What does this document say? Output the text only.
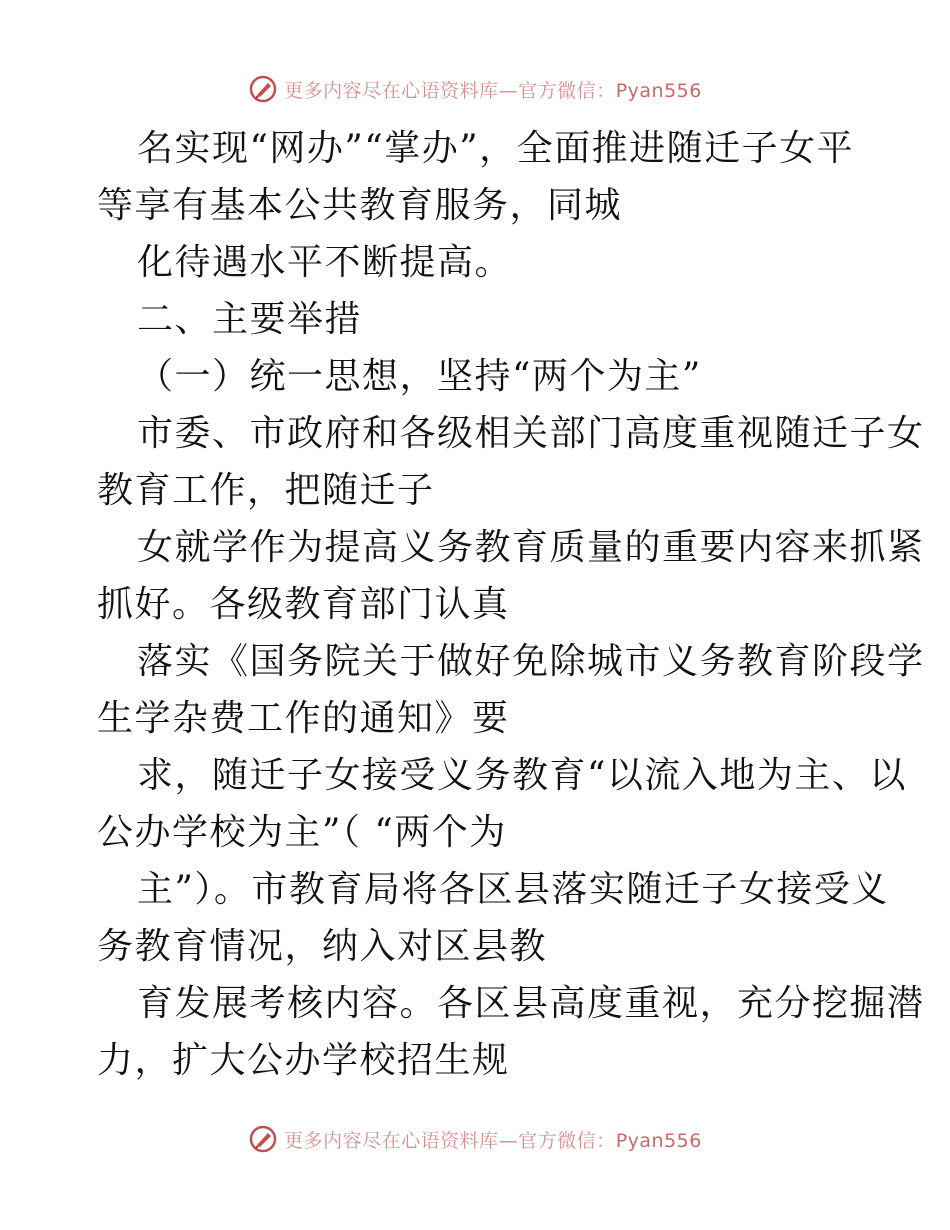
更多内容尽在心语资料库—官方微信：Pyan556
名实现“网办”“掌办”，全面推进随迁子女平
等享有基本公共教育服务，同城
化待遇水平不断提高。
二、主要举措
（一）统一思想，坚持“两个为主”
市委、市政府和各级相关部门高度重视随迁子女
教育工作，把随迁子
女就学作为提高义务教育质量的重要内容来抓紧
抓好。各级教育部门认真
落实《国务院关于做好免除城市义务教育阶段学
生学杂费工作的通知》要
求，随迁子女接受义务教育“以流入地为主、以
公办学校为主”（ “两个为
主”）。市教育局将各区县落实随迁子女接受义
务教育情况，纳入对区县教
育发展考核内容。各区县高度重视，充分挖掘潜
力，扩大公办学校招生规
更多内容尽在心语资料库—官方微信：Pyan556
